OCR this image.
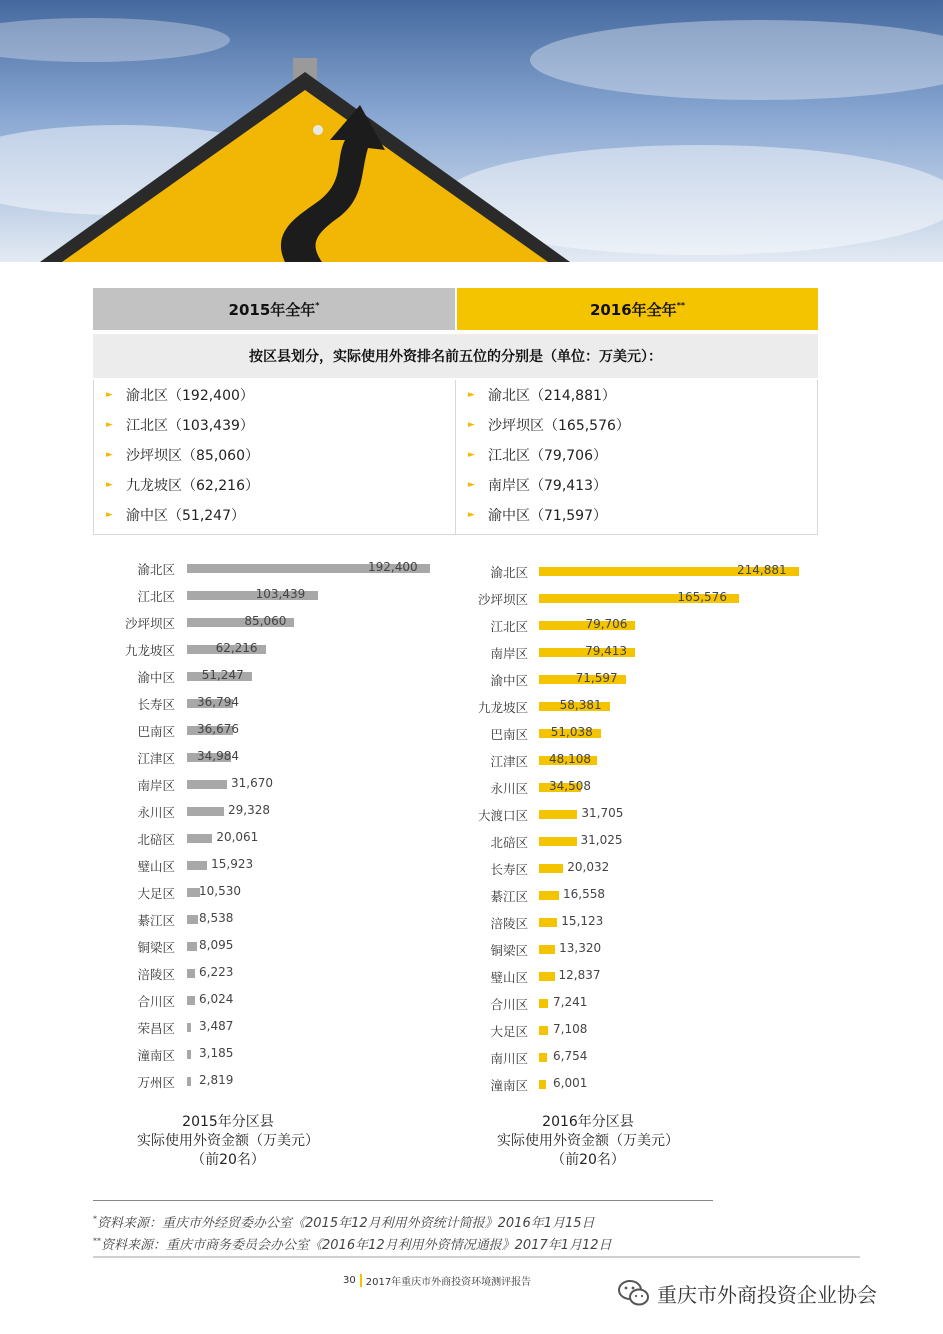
2015年全年*	2016年全年**
按区县划分，实际使用外资排名前五位的分别是（单位：万美元）：
► 渝北区（192,400）
► 江北区（103,439）
► 沙坪坝区（85,060）
► 九龙坡区（62,216）
► 渝中区（51,247）
► 渝北区（214,881）
► 沙坪坝区（165,576）
► 江北区（79,706）
► 南岸区（79,413）
► 渝中区（71,597）
渝北区	192,400
江北区	103,439
沙坪坝区	85,060
九龙坡区	62,216
渝中区 51,247
长寿区 36,794
巴南区 36,676
江津区 34,984
南岸区	31,670
永川区	29,328
北碚区	20,061
璧山区	15,923
大足区 10,530
綦江区 8,538
铜梁区 8,095
涪陵区 6,223
合川区 6,024
荣昌区 3,487
潼南区 3,185
万州区 2,819
渝北区	214,881
沙坪坝区	165,576
江北区	79,706
南岸区	79,413
渝中区	71,597
九龙坡区	58,381
巴南区 51,038
江津区 48,108
永川区 34,508
大渡口区	31,705
北碚区	31,025
长寿区	20,032
綦江区	16,558
涪陵区	15,123
铜梁区	13,320
璧山区	12,837
合川区 7,241
大足区 7,108
南川区 6,754
潼南区 6,001
2015年分区县
实际使用外资金额（万美元）
（前20名）
2016年分区县
实际使用外资金额（万美元）
（前20名）
*资料来源：重庆市外经贸委办公室《2015年12月利用外资统计简报》2016年1月15日
**资料来源：重庆市商务委员会办公室《2016年12月利用外资情况通报》2017年1月12日
30 2017年重庆市外商投资环境测评报告	重庆市外商投资企业协会
